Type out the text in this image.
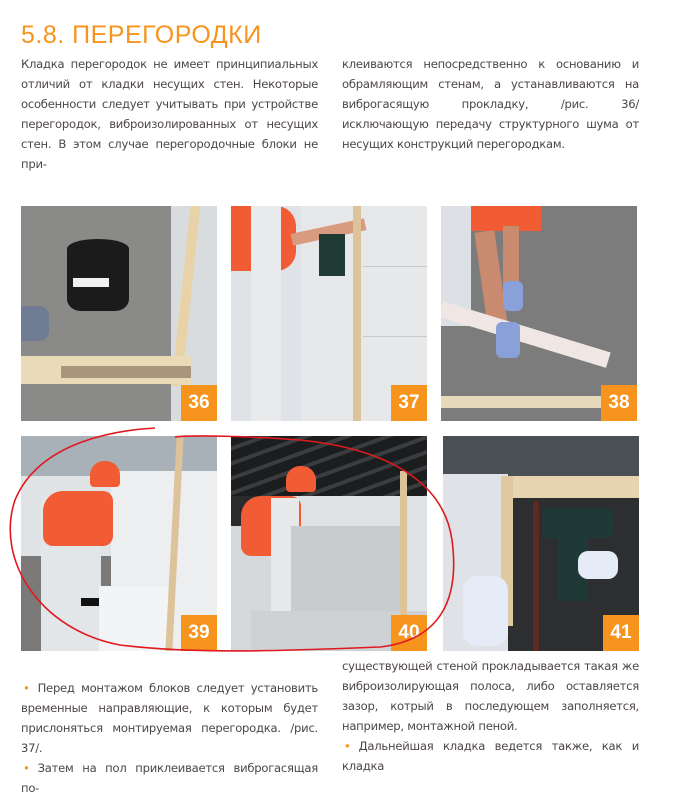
5.8. ПЕРЕГОРОДКИ

Кладка перегородок не имеет принципиальных отличий от кладки несущих стен. Некоторые особенности следует учитывать при устройстве перегородок, виброизолированных от несущих стен. В этом случае перегородочные блоки не при-

клеиваются непосредственно к основанию и обрамляющим стенам, а устанавливаются на виброгасящую прокладку, /рис. 36/ исключающую передачу структурного шума от несущих конструкций перегородкам.

36	37	38
39	40	41

• Перед монтажом блоков следует установить временные направляющие, к которым будет прислоняться монтируемая перегородка. /рис. 37/.

• Затем на пол приклеивается виброгасящая по-

существующей стеной прокладывается такая же виброизолирующая полоса, либо оставляется зазор, котрый в последующем заполняется, например, монтажной пеной.

• Дальнейшая кладка ведется также, как и кладка
